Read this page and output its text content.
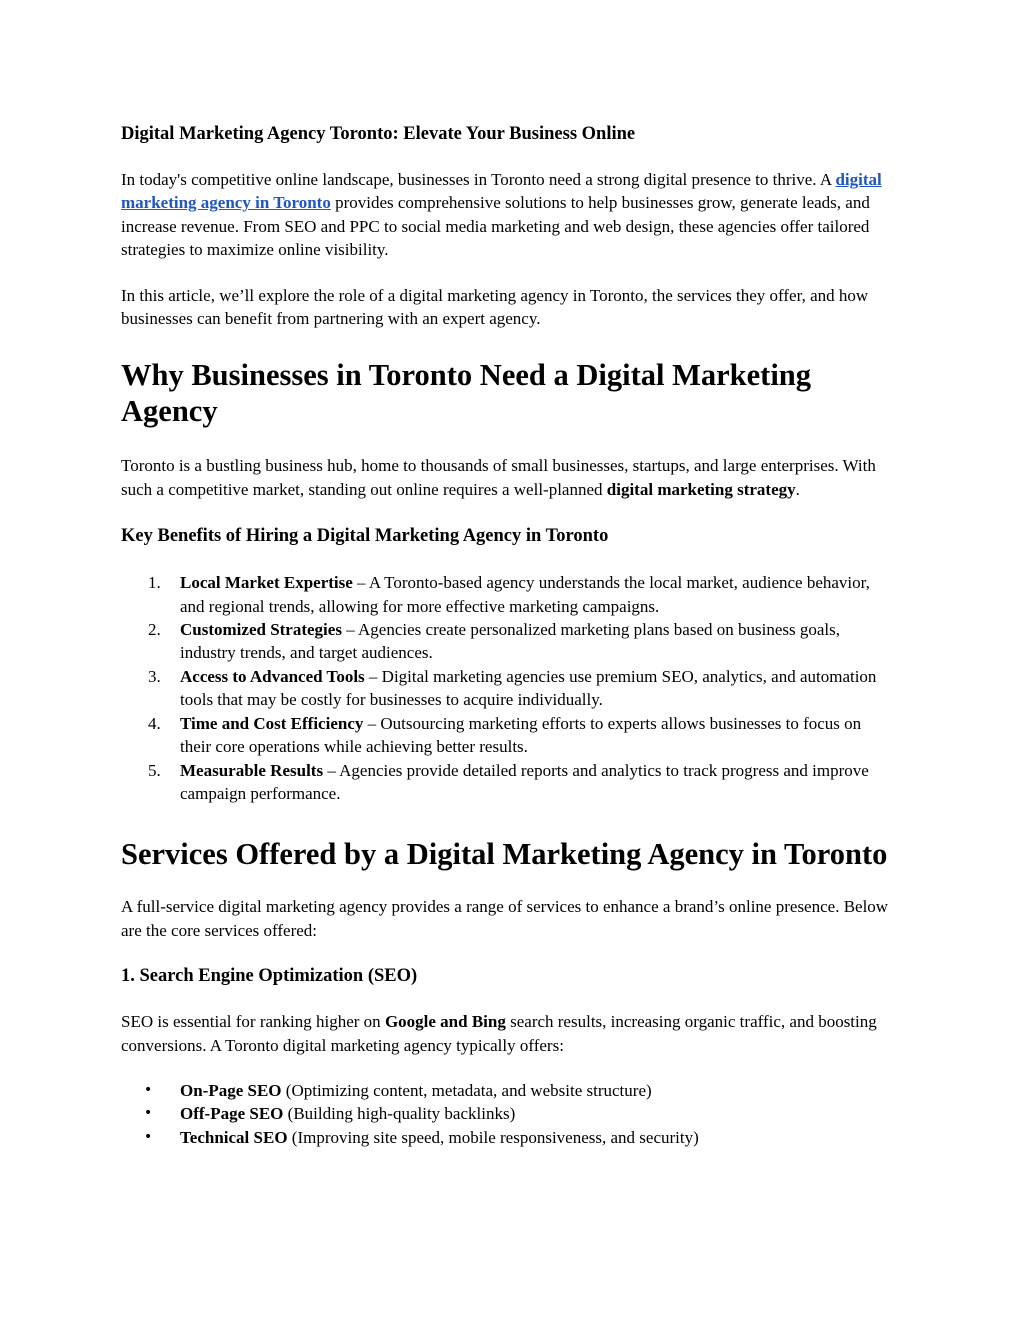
Digital Marketing Agency Toronto: Elevate Your Business Online

In today's competitive online landscape, businesses in Toronto need a strong digital presence to thrive. A digital marketing agency in Toronto provides comprehensive solutions to help businesses grow, generate leads, and increase revenue. From SEO and PPC to social media marketing and web design, these agencies offer tailored strategies to maximize online visibility.

In this article, we’ll explore the role of a digital marketing agency in Toronto, the services they offer, and how businesses can benefit from partnering with an expert agency.

Why Businesses in Toronto Need a Digital Marketing Agency

Toronto is a bustling business hub, home to thousands of small businesses, startups, and large enterprises. With such a competitive market, standing out online requires a well-planned digital marketing strategy.

Key Benefits of Hiring a Digital Marketing Agency in Toronto
1. Local Market Expertise – A Toronto-based agency understands the local market, audience behavior, and regional trends, allowing for more effective marketing campaigns.
2. Customized Strategies – Agencies create personalized marketing plans based on business goals, industry trends, and target audiences.
3. Access to Advanced Tools – Digital marketing agencies use premium SEO, analytics, and automation tools that may be costly for businesses to acquire individually.
4. Time and Cost Efficiency – Outsourcing marketing efforts to experts allows businesses to focus on their core operations while achieving better results.
5. Measurable Results – Agencies provide detailed reports and analytics to track progress and improve campaign performance.
Services Offered by a Digital Marketing Agency in Toronto

A full-service digital marketing agency provides a range of services to enhance a brand’s online presence. Below are the core services offered:

1. Search Engine Optimization (SEO)

SEO is essential for ranking higher on Google and Bing search results, increasing organic traffic, and boosting conversions. A Toronto digital marketing agency typically offers:

• On-Page SEO (Optimizing content, metadata, and website structure)
• Off-Page SEO (Building high-quality backlinks)
• Technical SEO (Improving site speed, mobile responsiveness, and security)
